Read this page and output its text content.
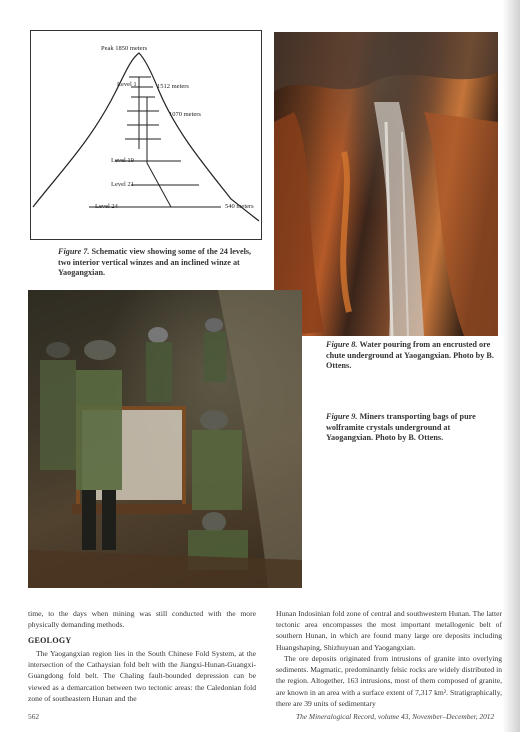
Peak 1850 meters
Level 1	1512 meters
1070 meters
Level 19
Level 21
Level 24	540 meters
Figure 7. Schematic view showing some of the 24 levels, two interior vertical winzes and an inclined winze at Yaogangxian.
Figure 8. Water pouring from an encrusted ore chute underground at Yaogangxian. Photo by B. Ottens.
Figure 9. Miners transporting bags of pure wolframite crystals underground at Yaogangxian. Photo by B. Ottens.
time, to the days when mining was still conducted with the more physically demanding methods.
GEOLOGY
The Yaogangxian region lies in the South Chinese Fold System, at the intersection of the Cathaysian fold belt with the Jiangxi-Hunan-Guangxi-Guangdong fold belt. The Chaling fault-bounded depression can be viewed as a demarcation between two tectonic areas: the Caledonian fold zone of southeastern Hunan and the
Hunan Indosinian fold zone of central and southwestern Hunan. The latter tectonic area encompasses the most important metallogenic belt of southern Hunan, in which are found many large ore deposits including Huangshaping, Shizhuyuan and Yaogangxian.
The ore deposits originated from intrusions of granite into overlying sediments. Magmatic, predominantly felsic rocks are widely distributed in the region. Altogether, 163 intrusions, most of them composed of granite, are known in an area with a surface extent of 7,317 km². Stratigraphically, there are 39 units of sedimentary
562	The Mineralogical Record, volume 43, November–December, 2012
